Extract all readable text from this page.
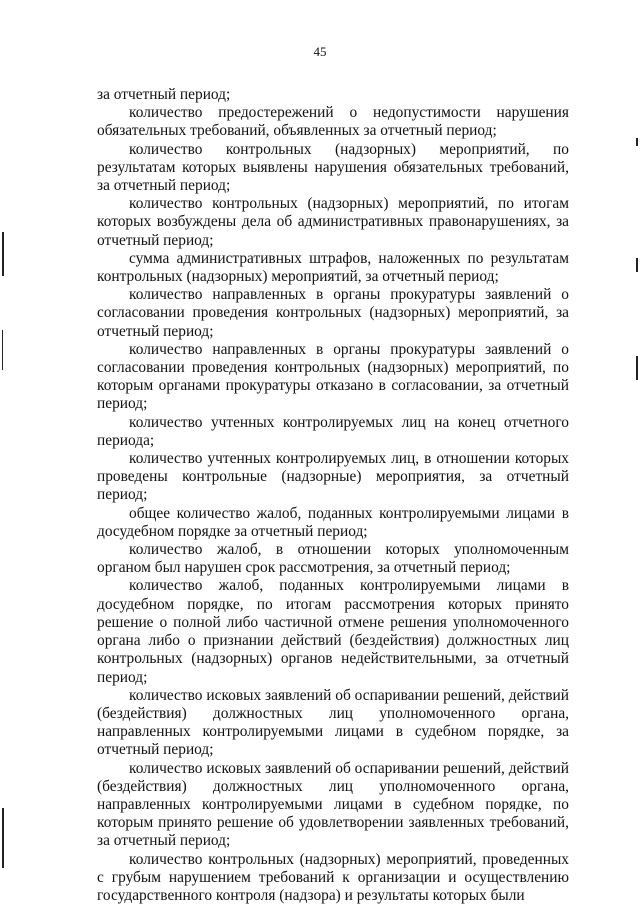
45

за отчетный период;

количество предостережений о недопустимости нарушения обязательных требований, объявленных за отчетный период;

количество контрольных (надзорных) мероприятий, по результатам которых выявлены нарушения обязательных требований, за отчетный период;

количество контрольных (надзорных) мероприятий, по итогам которых возбуждены дела об административных правонарушениях, за отчетный период;

сумма административных штрафов, наложенных по результатам контрольных (надзорных) мероприятий, за отчетный период;

количество направленных в органы прокуратуры заявлений о согласовании проведения контрольных (надзорных) мероприятий, за отчетный период;

количество направленных в органы прокуратуры заявлений о согласовании проведения контрольных (надзорных) мероприятий, по которым органами прокуратуры отказано в согласовании, за отчетный период;

количество учтенных контролируемых лиц на конец отчетного периода;

количество учтенных контролируемых лиц, в отношении которых проведены контрольные (надзорные) мероприятия, за отчетный период;

общее количество жалоб, поданных контролируемыми лицами в досудебном порядке за отчетный период;

количество жалоб, в отношении которых уполномоченным органом был нарушен срок рассмотрения, за отчетный период;

количество жалоб, поданных контролируемыми лицами в досудебном порядке, по итогам рассмотрения которых принято решение о полной либо частичной отмене решения уполномоченного органа либо о признании действий (бездействия) должностных лиц контрольных (надзорных) органов недействительными, за отчетный период;

количество исковых заявлений об оспаривании решений, действий (бездействия) должностных лиц уполномоченного органа, направленных контролируемыми лицами в судебном порядке, за отчетный период;

количество исковых заявлений об оспаривании решений, действий (бездействия) должностных лиц уполномоченного органа, направленных контролируемыми лицами в судебном порядке, по которым принято решение об удовлетворении заявленных требований, за отчетный период;

количество контрольных (надзорных) мероприятий, проведенных с грубым нарушением требований к организации и осуществлению государственного контроля (надзора) и результаты которых были
